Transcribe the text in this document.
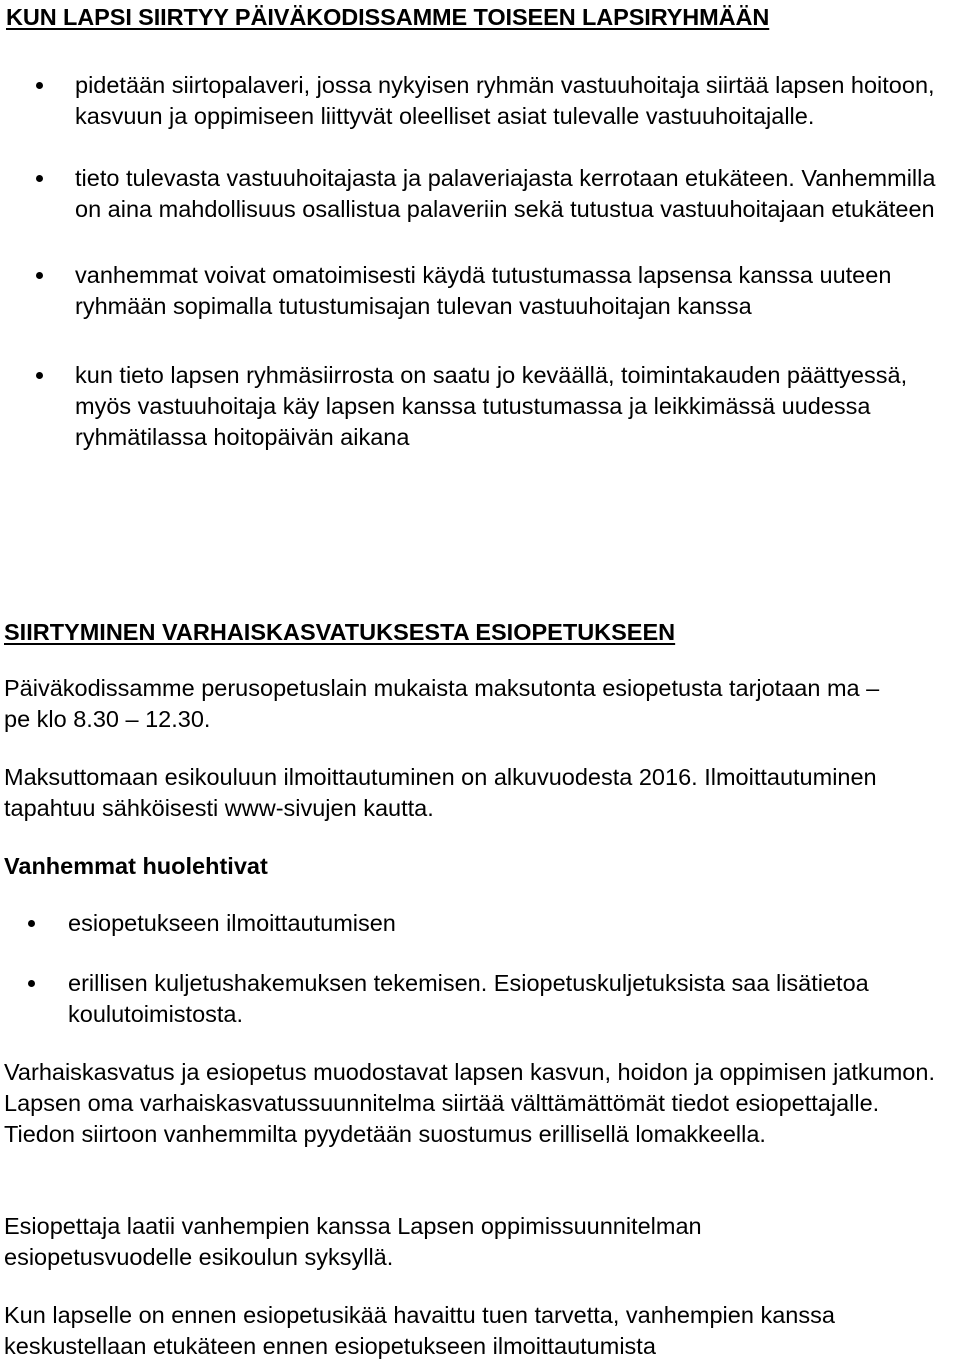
KUN LAPSI SIIRTYY PÄIVÄKODISSAMME TOISEEN LAPSIRYHMÄÄN
pidetään siirtopalaveri, jossa nykyisen ryhmän vastuuhoitaja siirtää lapsen hoitoon, kasvuun ja oppimiseen liittyvät oleelliset asiat tulevalle vastuuhoitajalle.
tieto tulevasta vastuuhoitajasta ja palaveriajasta kerrotaan etukäteen. Vanhemmilla on aina mahdollisuus osallistua palaveriin sekä tutustua vastuuhoitajaan etukäteen
vanhemmat voivat omatoimisesti käydä tutustumassa lapsensa kanssa uuteen ryhmään sopimalla tutustumisajan tulevan vastuuhoitajan kanssa
kun tieto lapsen ryhmäsiirrosta on saatu jo keväällä, toimintakauden päättyessä, myös vastuuhoitaja käy lapsen kanssa tutustumassa ja leikkimässä uudessa ryhmätilassa hoitopäivän aikana
SIIRTYMINEN VARHAISKASVATUKSESTA ESIOPETUKSEEN

Päiväkodissamme perusopetuslain mukaista maksutonta esiopetusta tarjotaan ma – pe klo 8.30 – 12.30.

Maksuttomaan esikouluun ilmoittautuminen on alkuvuodesta 2016. Ilmoittautuminen tapahtuu sähköisesti www-sivujen kautta.

Vanhemmat huolehtivat

esiopetukseen ilmoittautumisen
erillisen kuljetushakemuksen tekemisen. Esiopetuskuljetuksista saa lisätietoa koulutoimistosta.

Varhaiskasvatus ja esiopetus muodostavat lapsen kasvun, hoidon ja oppimisen jatkumon. Lapsen oma varhaiskasvatussuunnitelma siirtää välttämättömät tiedot esiopettajalle. Tiedon siirtoon vanhemmilta pyydetään suostumus erillisellä lomakkeella.

Esiopettaja laatii vanhempien kanssa Lapsen oppimissuunnitelman esiopetusvuodelle esikoulun syksyllä.

Kun lapselle on ennen esiopetusikää havaittu tuen tarvetta, vanhempien kanssa keskustellaan etukäteen ennen esiopetukseen ilmoittautumista
